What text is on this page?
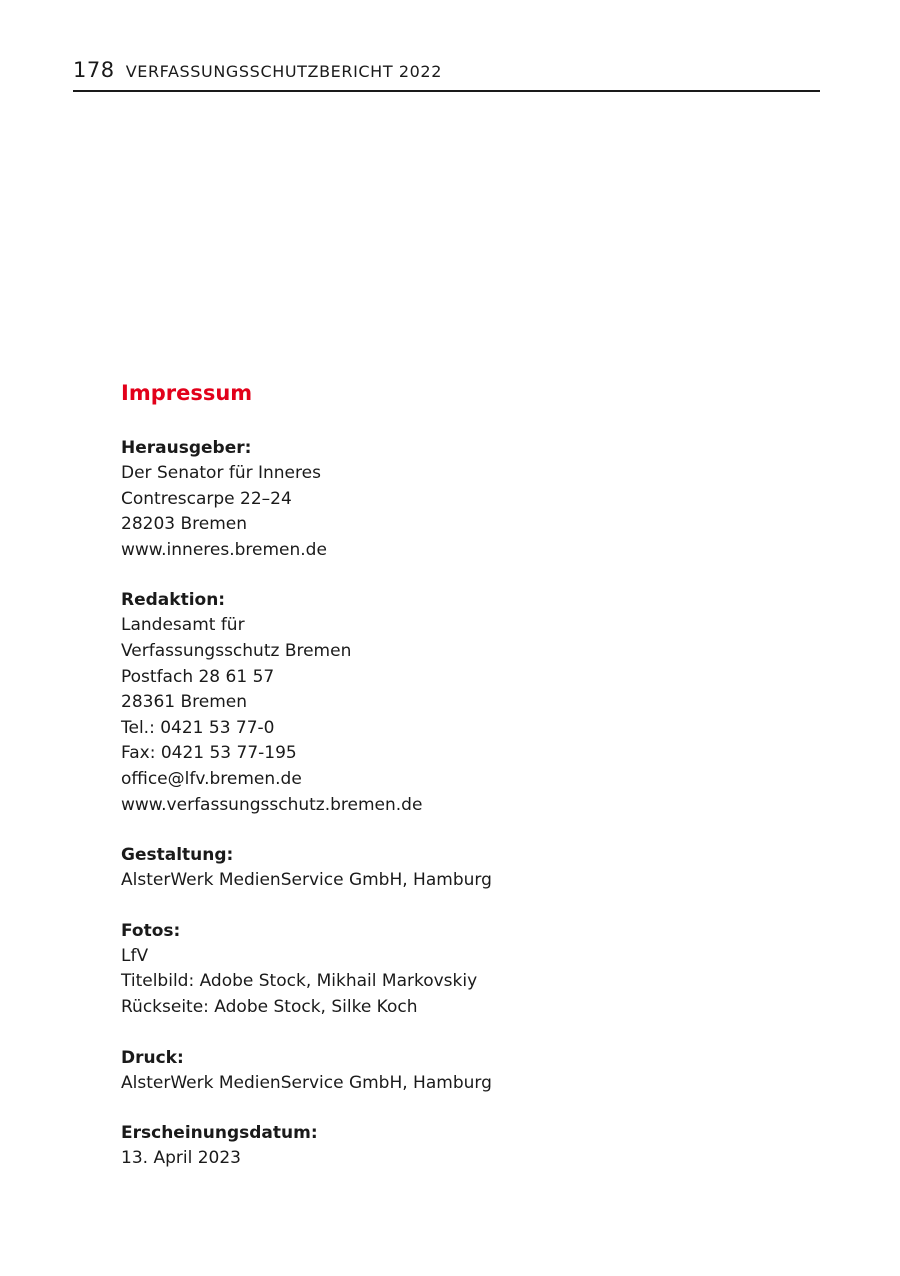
178 VERFASSUNGSSCHUTZBERICHT 2022
Impressum

Herausgeber:

Der Senator für Inneres

Contrescarpe 22–24

28203 Bremen

www.inneres.bremen.de

Redaktion:

Landesamt für

Verfassungsschutz Bremen

Postfach 28 61 57

28361 Bremen

Tel.: 0421 53 77-0

Fax: 0421 53 77-195

office@lfv.bremen.de

www.verfassungsschutz.bremen.de

Gestaltung:

AlsterWerk MedienService GmbH, Hamburg

Fotos:

LfV

Titelbild: Adobe Stock, Mikhail Markovskiy

Rückseite: Adobe Stock, Silke Koch

Druck:

AlsterWerk MedienService GmbH, Hamburg

Erscheinungsdatum:

13. April 2023
